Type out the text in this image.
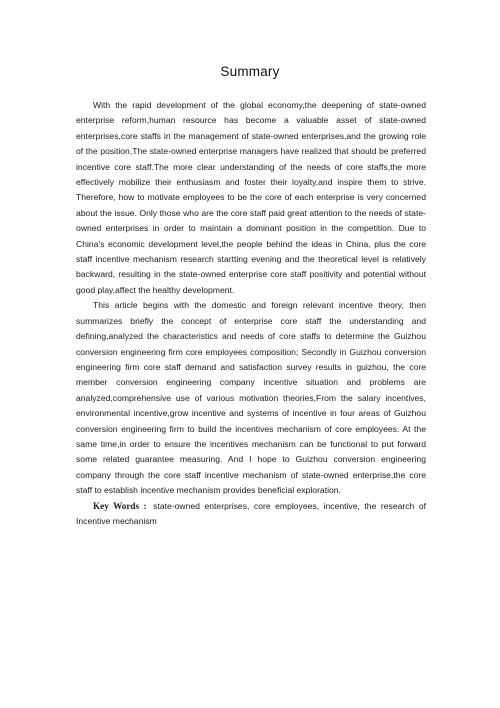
Summary

With the rapid development of the global economy,the deepening of state-owned enterprise reform,human resource has become a valuable asset of state-owned enterprises,core staffs in the management of state-owned enterprises,and the growing role of the position,The state-owned enterprise managers have realized that should be preferred incentive core staff.The more clear understanding of the needs of core staffs,the more effectively mobilize their enthusiasm and foster their loyalty,and inspire them to strive. Therefore, how to motivate employees to be the core of each enterprise is very concerned about the issue. Only those who are the core staff paid great attention to the needs of state-owned enterprises in order to maintain a dominant position in the competition. Due to China's economic development level,the people behind the ideas in China, plus the core staff incentive mechanism research startting evening and the theoretical level is relatively backward, resulting in the state-owned enterprise core staff positivity and potential without good play,affect the healthy development.

This article begins with the domestic and foreign relevant incentive theory, then summarizes briefly the concept of enterprise core staff the understanding and defining,analyzed the characteristics and needs of core staffs to determine the Guizhou conversion engineering firm core employees composition; Secondly in Guizhou conversion engineering firm core staff demand and satisfaction survey results in guizhou, the core member conversion engineering company incentive situation and problems are analyzed,comprehensive use of various motivation theories,From the salary incentives, environmental incentive,grow incentive and systems of incentive in four areas of Guizhou conversion engineering firm to build the incentives mechanism of core employees. At the same time,in order to ensure the incentives mechanism can be functional to put forward some related guarantee measuring. And I hope to Guizhou conversion engineering company through the core staff incentive mechanism of state-owned enterprise,the core staff to establish incentive mechanism provides beneficial exploration.

Key Words : state-owned enterprises, core employees, incentive, the research of Incentive mechanism
